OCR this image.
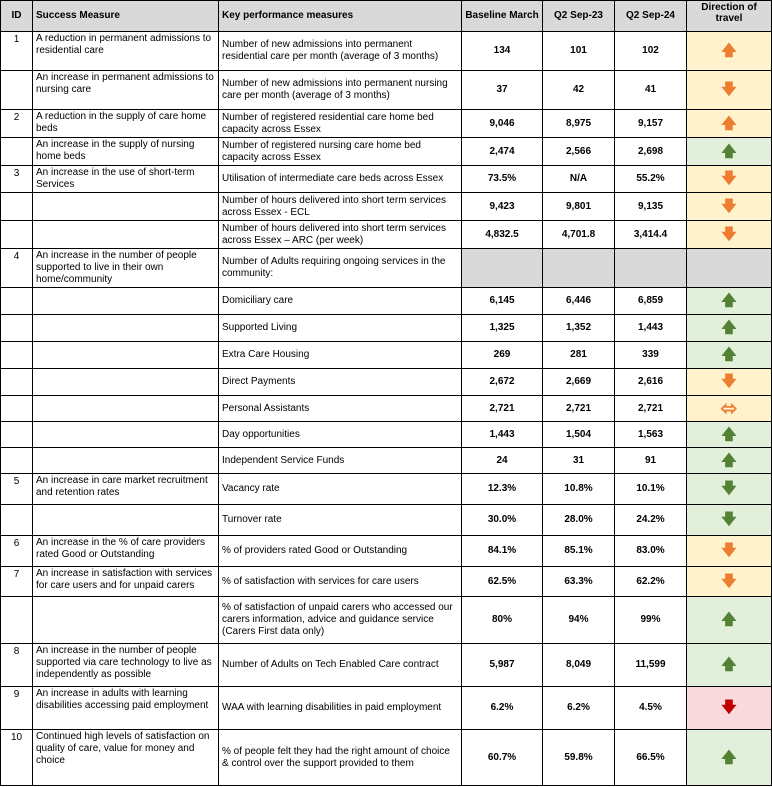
ID	Success Measure	Key performance measures	Baseline March	Q2 Sep-23	Q2 Sep-24	Direction of travel
1	A reduction in permanent admissions to residential care	Number of new admissions into permanent residential care per month (average of 3 months)	134	101	102	🡅
	An increase in permanent admissions to nursing care	Number of new admissions into permanent nursing care per month (average of 3 months)	37	42	41	🡇
2	A reduction in the supply of care home beds	Number of registered residential care home bed capacity across Essex	9,046	8,975	9,157	🡅
	An increase in the supply of nursing home beds	Number of registered nursing care home bed capacity across Essex	2,474	2,566	2,698	🡅
3	An increase in the use of short-term Services	Utilisation of intermediate care beds across Essex	73.5%	N/A	55.2%	🡇
		Number of hours delivered into short term services across Essex - ECL	9,423	9,801	9,135	🡇
		Number of hours delivered into short term services across Essex – ARC (per week)	4,832.5	4,701.8	3,414.4	🡇
4	An increase in the number of people supported to live in their own home/community	Number of Adults requiring ongoing services in the community:				
		Domiciliary care	6,145	6,446	6,859	🡅
		Supported Living	1,325	1,352	1,443	🡅
		Extra Care Housing	269	281	339	🡅
		Direct Payments	2,672	2,669	2,616	🡇
		Personal Assistants	2,721	2,721	2,721	⬄
		Day opportunities	1,443	1,504	1,563	🡅
		Independent Service Funds	24	31	91	🡅
5	An increase in care market recruitment and retention rates	Vacancy rate	12.3%	10.8%	10.1%	🡇
		Turnover rate	30.0%	28.0%	24.2%	🡇
6	An increase in the % of care providers rated Good or Outstanding	% of providers rated Good or Outstanding	84.1%	85.1%	83.0%	🡇
7	An increase in satisfaction with services for care users and for unpaid carers	% of satisfaction with services for care users	62.5%	63.3%	62.2%	🡇
		% of satisfaction of unpaid carers who accessed our carers information, advice and guidance service (Carers First data only)	80%	94%	99%	🡅
8	An increase in the number of people supported via care technology to live as independently as possible	Number of Adults on Tech Enabled Care contract	5,987	8,049	11,599	🡅
9	An increase in adults with learning disabilities accessing paid employment	WAA with learning disabilities in paid employment	6.2%	6.2%	4.5%	🡇
10	Continued high levels of satisfaction on quality of care, value for money and choice	% of people felt they had the right amount of choice & control over the support provided to them	60.7%	59.8%	66.5%	🡅
